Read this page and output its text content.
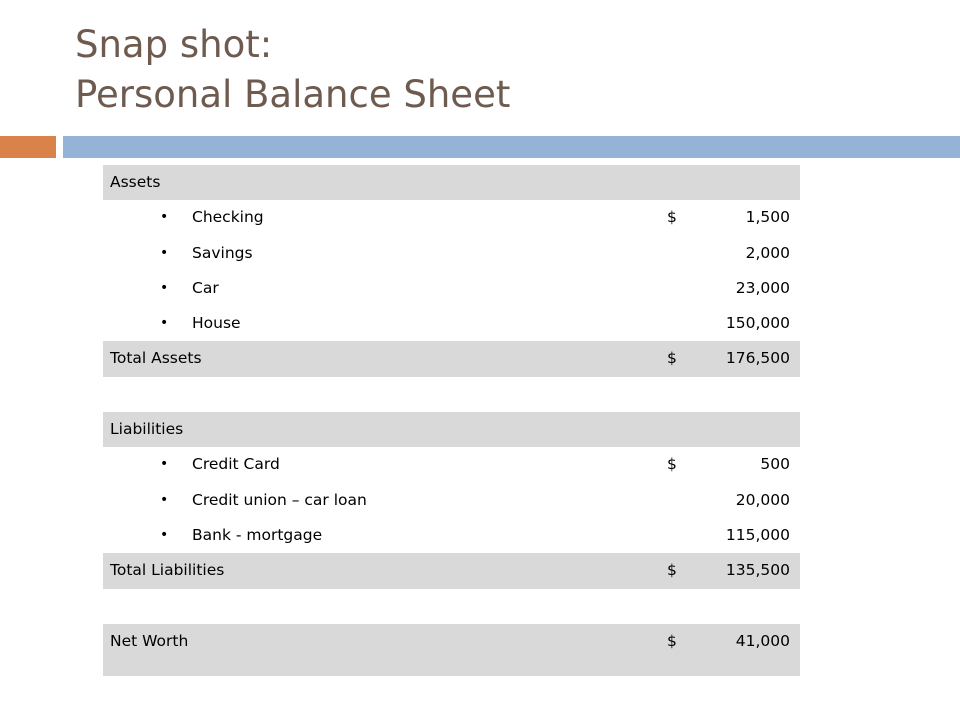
Snap shot:
Personal Balance Sheet
Assets
• Checking	$	1,500
• Savings	2,000
• Car	23,000
• House	150,000
Total Assets	$	176,500
Liabilities
• Credit Card	$	500
• Credit union – car loan	20,000
• Bank - mortgage	115,000
Total Liabilities	$	135,500
Net Worth	$	41,000
